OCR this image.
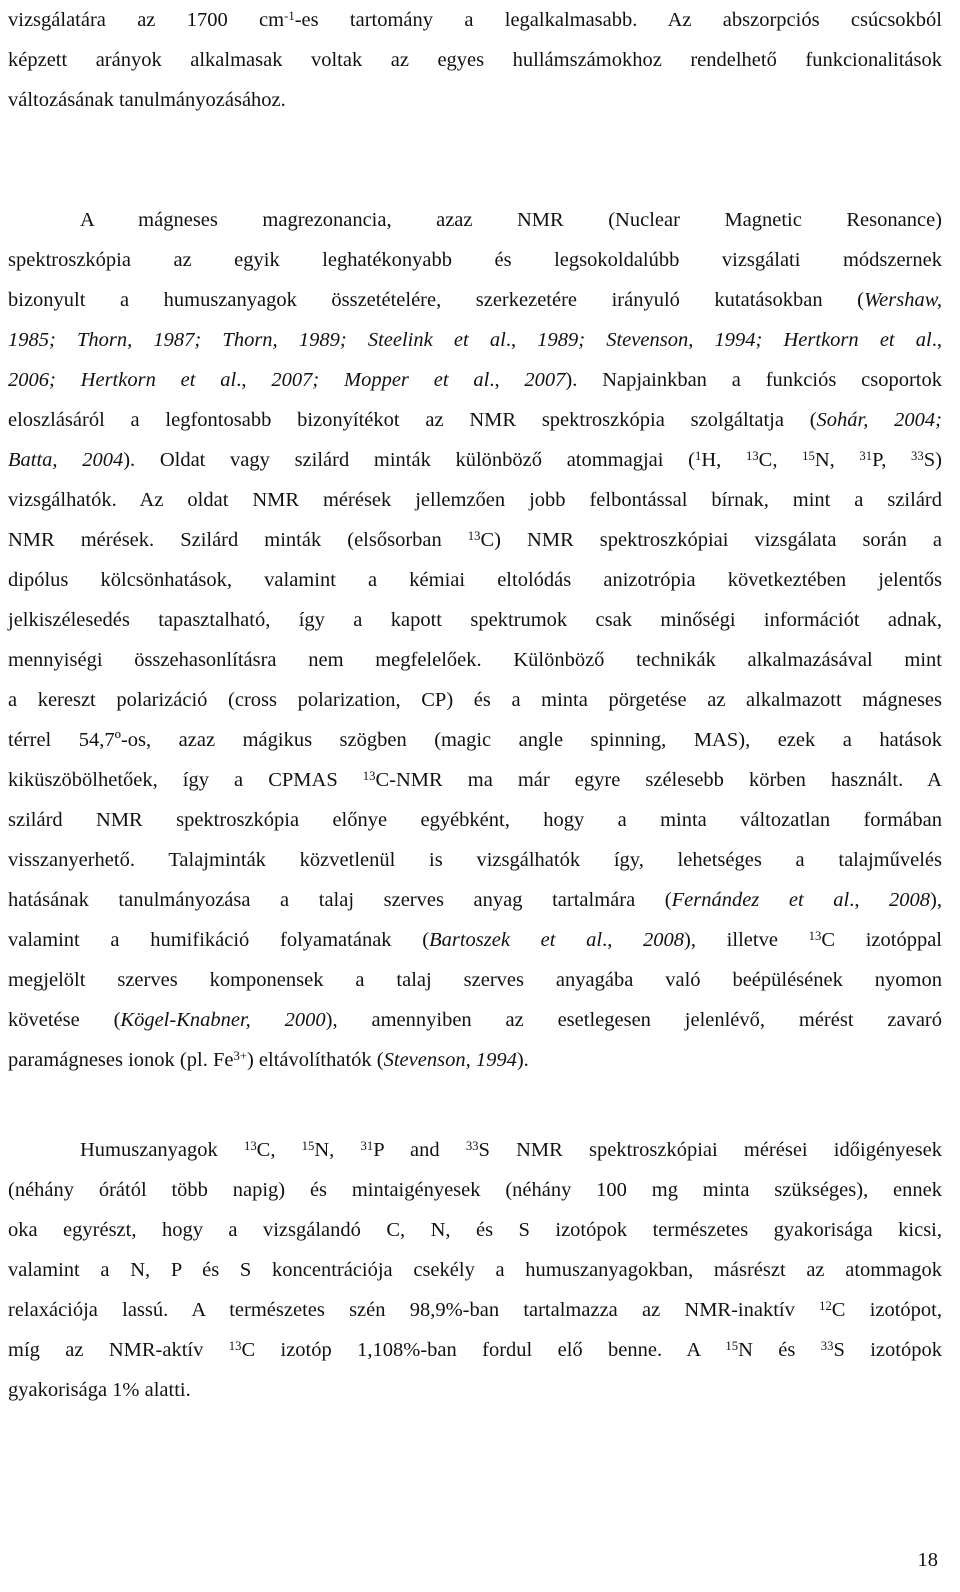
vizsgálatára az 1700 $cm^{-1}-es$ tartomány a legalkalmasabb. Az abszorpciós csúcsokból
képzett arányok alkalmasak voltak az egyes hullámszámokhoz rendelhető funkcionalitások
változásának tanulmányozásához.
A mágneses magrezonancia, azaz NMR (Nuclear Magnetic Resonance)
spektroszkópia az egyik leghatékonyabb és legsokoldalúbb vizsgálati módszernek
bizonyult a humuszanyagok összetételére, szerkezetére irányuló kutatásokban (Wershaw,
1985; Thorn, 1987; Thorn, 1989; Steelink et al., 1989; Stevenson, 1994; Hertkorn et al.,
2006; Hertkorn et al., 2007; Mopper et al., 2007). Napjainkban a funkciós csoportok
eloszlásáról a legfontosabb bizonyítékot az NMR spektroszkópia szolgáltatja (Sohár, 2004;
Batta, 2004). Oldat vagy szilárd minták különböző atommagjai ($^1$H, $^{13}$C, $^{15}$N, $^{31}$P, $^{33}$S)
vizsgálhatók. Az oldat NMR mérések jellemzően jobb felbontással bírnak, mint a szilárd
NMR mérések. Szilárd minták (elsősorban $^{13}$C) NMR spektroszkópiai vizsgálata során a
dipólus kölcsönhatások, valamint a kémiai eltolódás anizotrópia következtében jelentős
jelkiszélesedés tapasztalható, így a kapott spektrumok csak minőségi információt adnak,
mennyiségi összehasonlításra nem megfelelőek. Különböző technikák alkalmazásával mint
a kereszt polarizáció (cross polarization, CP) és a minta pörgetése az alkalmazott mágneses
térrel 54,7º-os, azaz mágikus szögben (magic angle spinning, MAS), ezek a hatások
kiküszöbölhetőek, így a CPMAS $^{13}$C-NMR ma már egyre szélesebb körben használt. A
szilárd NMR spektroszkópia előnye egyébként, hogy a minta változatlan formában
visszanyerhető. Talajminták közvetlenül is vizsgálhatók így, lehetséges a talajművelés
hatásának tanulmányozása a talaj szerves anyag tartalmára (Fernández et al., 2008),
valamint a humifikáció folyamatának (Bartoszek et al., 2008), illetve $^{13}$C izotóppal
megjelölt szerves komponensek a talaj szerves anyagába való beépülésének nyomon
követése (Kögel-Knabner, 2000), amennyiben az esetlegesen jelenlévő, mérést zavaró
paramágneses ionok (pl. $Fe^{3+}$) eltávolíthatók (Stevenson, 1994).
Humuszanyagok $^{13}$C, $^{15}$N, $^{31}$P and $^{33}$S NMR spektroszkópiai mérései időigényesek
(néhány órától több napig) és mintaigényesek (néhány 100 mg minta szükséges), ennek
oka egyrészt, hogy a vizsgálandó C, N, és S izotópok természetes gyakorisága kicsi,
valamint a N, P és S koncentrációja csekély a humuszanyagokban, másrészt az atommagok
relaxációja lassú. A természetes szén 98,9%-ban tartalmazza az NMR-inaktív $^{12}$C izotópot,
míg az NMR-aktív $^{13}$C izotóp 1,108%-ban fordul elő benne. A $^{15}$N és $^{33}$S izotópok
gyakorisága 1% alatti.
18
